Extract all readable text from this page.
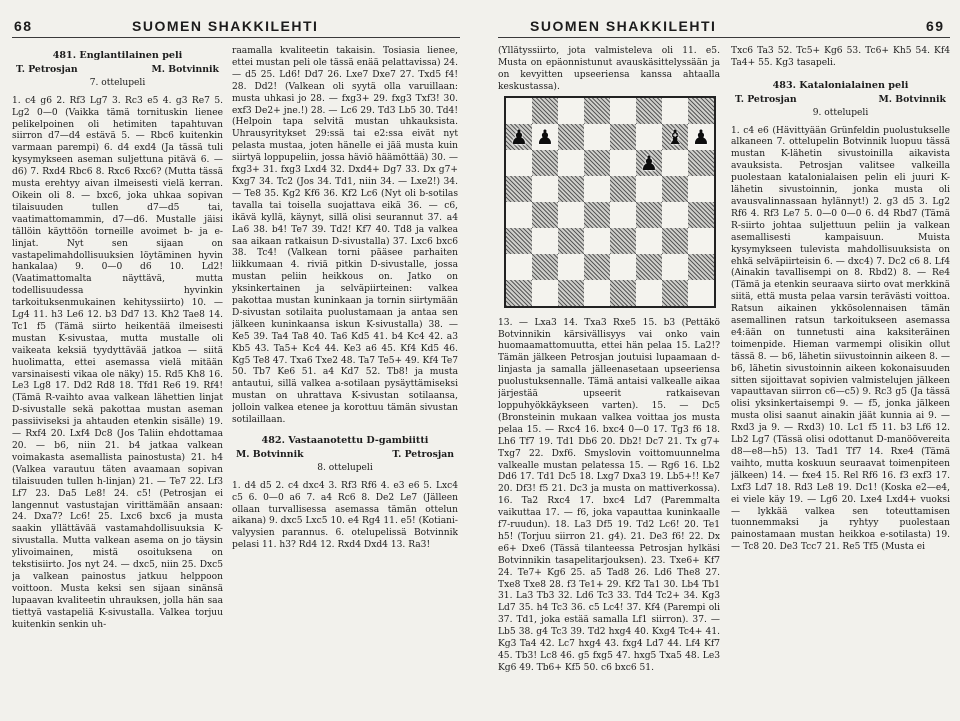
68	SUOMEN SHAKKILEHTI	SUOMEN SHAKKILEHTI	69
481. Englantilainen peli
T. Petrosjan	M. Botvinnik
7. ottelupeli

1. c4 g6 2. Rf3 Lg7 3. Rc3 e5 4. g3 Re7 5. Lg2 0—0 (Vaikka tämä tornituskin lienee pelikelpoinen oli hetimiten tapahtuvan siirron d7—d4 estävä 5. — Rbc6 kuitenkin varmaan parempi) 6. d4 exd4 (Ja tässä tuli kysymykseen aseman suljettuna pitävä 6. — d6) 7. Rxd4 Rbc6 8. Rxc6 Rxc6? (Mutta tässä musta erehtyy aivan ilmeisesti vielä kerran. Oikein oli 8. — bxc6, joka uhkaa sopivan tilaisuuden tullen d7—d5 tai, vaatimattomammin, d7—d6. Mustalle jäisi tällöin käyttöön torneille avoimet b- ja e-linjat. Nyt sen sijaan on vastapelimahdollisuuksien löytäminen hyvin hankalaa) 9. 0—0 d6 10. Ld2! (Vaatimattomalta näyttävä, mutta todellisuudessa hyvinkin tarkoituksenmukainen kehityssiirto) 10. — Lg4 11. h3 Le6 12. b3 Dd7 13. Kh2 Tae8 14. Tc1 f5 (Tämä siirto heikentää ilmeisesti mustan K-sivustaa, mutta mustalle oli vaikeata keksiä tyydyttävää jatkoa — siitä huolimatta, ettei asemassa vielä mitään varsinaisesti vikaa ole näky) 15. Rd5 Kh8 16. Le3 Lg8 17. Dd2 Rd8 18. Tfd1 Re6 19. Rf4! (Tämä R-vaihto avaa valkean lähettien linjat D-sivustalle sekä pakottaa mustan aseman passiiviseksi ja ahtauden etenkin sisälle) 19. — Rxf4 20. Lxf4 Dc8 (Jos Taliin ehdottamaa 20. — b6, niin 21. b4 jatkaa valkean voimakasta asemallista painostusta) 21. h4 (Valkea varautuu täten avaamaan sopivan tilaisuuden tullen h-linjan) 21. — Te7 22. Lf3 Lf7 23. Da5 Le8! 24. c5! (Petrosjan ei langennut vastustajan virittämään ansaan: 24. Dxa7? Lc6! 25. Lxc6 bxc6 ja musta saakin yllättävää vastamahdollisuuksia K-sivustalla. Mutta valkean asema on jo täysin ylivoimainen, mistä osoituksena on tekstisiirto. Jos nyt 24. — dxc5, niin 25. Dxc5 ja valkean painostus jatkuu helppoon voittoon. Musta keksi sen sijaan sinänsä lupaavan kvaliteetin uhrauksen, jolla hän saa tiettyä vastapeliä K-sivustalla. Valkea torjuu kuitenkin senkin uh-

raamalla kvaliteetin takaisin. Tosiasia lienee, ettei mustan peli ole tässä enää pelattavissa) 24. — d5 25. Ld6! Dd7 26. Lxe7 Dxe7 27. Txd5 f4! 28. Dd2! (Valkean oli syytä olla varuillaan: musta uhkasi jo 28. — fxg3+ 29. fxg3 Txf3! 30. exf3 De2+ jne.!) 28. — Lc6 29. Td3 Lb5 30. Td4! (Helpoin tapa selvitä mustan uhkauksista. Uhrausyritykset 29:ssä tai e2:ssa eivät nyt pelasta mustaa, joten hänelle ei jää musta kuin siirtyä loppupeliin, jossa häviö häämöttää) 30. — fxg3+ 31. fxg3 Lxd4 32. Dxd4+ Dg7 33. Dx g7+ Kxg7 34. Tc2 (Jos 34. Td1, niin 34. — Lxe2!) 34. — Te8 35. Kg2 Kf6 36. Kf2 Lc6 (Nyt oli b-sotilas tavalla tai toisella suojattava eikä 36. — c6, ikävä kyllä, käynyt, sillä olisi seurannut 37. a4 La6 38. b4! Te7 39. Td2! Kf7 40. Td8 ja valkea saa aikaan ratkaisun D-sivustalla) 37. Lxc6 bxc6 38. Tc4! (Valkean torni pääsee parhaiten liikkumaan 4. riviä pitkin D-sivustalle, jossa mustan peliin heikkous on. Jatko on yksinkertainen ja selväpiirteinen: valkea pakottaa mustan kuninkaan ja tornin siirtymään D-sivustan sotilaita puolustamaan ja antaa sen jälkeen kuninkaansa iskun K-sivustalla) 38. — Ke5 39. Ta4 Ta8 40. Ta6 Kd5 41. b4 Kc4 42. a3 Kb5 43. Ta5+ Kc4 44. Ke3 a6 45. Kf4 Kd5 46. Kg5 Te8 47. Txa6 Txe2 48. Ta7 Te5+ 49. Kf4 Te7 50. Tb7 Ke6 51. a4 Kd7 52. Tb8! ja musta antautui, sillä valkea a-sotilaan pysäyttämiseksi mustan on uhrattava K-sivustan sotilaansa, jolloin valkea etenee ja korottuu tämän sivustan sotilaillaan.

482. Vastaanotettu D-gambiitti
M. Botvinnik	T. Petrosjan
8. ottelupeli

1. d4 d5 2. c4 dxc4 3. Rf3 Rf6 4. e3 e6 5. Lxc4 c5 6. 0—0 a6 7. a4 Rc6 8. De2 Le7 (Jälleen ollaan turvallisessa asemassa tämän ottelun aikana) 9. dxc5 Lxc5 10. e4 Rg4 11. e5! (Kotianivalyysien parannus. 6. otelupelissä Botvinnik pelasi 11. h3? Rd4 12. Rxd4 Dxd4 13. Ra3!

(Yllätyssiirto, jota valmisteleva oli 11. e5. Musta on epäonnistunut avauskäsittelyssään ja on kevyitten upseeriensa kanssa ahtaalla keskustassa).

♟ ♟	♝ ♟
♟

13. — Lxa3 14. Txa3 Rxe5 15. b3 (Pettäkö Botvinnikin kärsivällisyys vai onko vain huomaamattomuutta, ettei hän pelaa 15. La2!? Tämän jälkeen Petrosjan joutuisi lupaamaan d-linjasta ja samalla jälleenasetaan upseeriensa puolustuksennalle. Tämä antaisi valkealle aikaa järjestää upseerit ratkaisevan loppuhyökkäykseen varten). 15. — Dc5 (Bronsteinin mukaan valkea voittaa jos musta pelaa 15. — Rxc4 16. bxc4 0—0 17. Tg3 f6 18. Lh6 Tf7 19. Td1 Db6 20. Db2! Dc7 21. Tx g7+ Txg7 22. Dxf6. Smyslovin voittomuunnelma valkealle mustan pelatessa 15. — Rg6 16. Lb2 Dd6 17. Td1 Dc5 18. Lxg7 Dxa3 19. Lb5+!! Ke7 20. Df3! f5 21. Dc3 ja musta on mattiverkossa). 16. Ta2 Rxc4 17. bxc4 Ld7 (Paremmalta vaikuttaa 17. — f6, joka vapauttaa kuninkaalle f7-ruudun). 18. La3 Df5 19. Td2 Lc6! 20. Te1 h5! (Torjuu siirron 21. g4). 21. De3 f6! 22. Dx e6+ Dxe6 (Tässä tilanteessa Petrosjan hylkäsi Botvinnikin tasapelitarjouksen). 23. Txe6+ Kf7 24. Te7+ Kg6 25. a5 Tad8 26. Ld6 The8 27. Txe8 Txe8 28. f3 Te1+ 29. Kf2 Ta1 30. Lb4 Tb1 31. La3 Tb3 32. Ld6 Tc3 33. Td4 Tc2+ 34. Kg3 Ld7 35. h4 Tc3 36. c5 Lc4! 37. Kf4 (Parempi oli 37. Td1, joka estää samalla Lf1 siirron). 37. — Lb5 38. g4 Tc3 39. Td2 hxg4 40. Kxg4 Tc4+ 41. Kg3 Ta4 42. Lc7 hxg4 43. fxg4 Ld7 44. Lf4 Kf7 45. Tb3! Lc8 46. g5 fxg5 47. hxg5 Txa5 48. Le3 Kg6 49. Tb6+ Kf5 50. c6 bxc6 51.

Txc6 Ta3 52. Tc5+ Kg6 53. Tc6+ Kh5 54. Kf4 Ta4+ 55. Kg3 tasapeli.

483. Katalonialainen peli
T. Petrosjan	M. Botvinnik
9. ottelupeli

1. c4 e6 (Hävittyään Grünfeldin puolustukselle alkaneen 7. ottelupelin Botvinnik luopuu tässä mustan K-lähetin sivustoinilla aikavista avauksista. Petrosjan valitsee valkeilla puolestaan katalonialaisen pelin eli juuri K-lähetin sivustoinnin, jonka musta oli avausvalinnassaan hylännyt!) 2. g3 d5 3. Lg2 Rf6 4. Rf3 Le7 5. 0—0 0—0 6. d4 Rbd7 (Tämä R-siirto johtaa suljettuun peliin ja valkean asemallisesti kampaisuun. Muista kysymykseen tulevista mahdollisuuksista on ehkä selväpiirteisin 6. — dxc4) 7. Dc2 c6 8. Lf4 (Ainakin tavallisempi on 8. Rbd2) 8. — Re4 (Tämä ja etenkin seuraava siirto ovat merkkinä siitä, että musta pelaa varsin terävästi voittoa. Ratsun aikainen ykkösolennaisen tämän asemallinen ratsun tarkoitukseen asemassa e4:ään on tunnetusti aina kaksiteräinen toimenpide. Hieman varmempi olisikin ollut tässä 8. — b6, lähetin siivustoinnin aikeen 8. — b6, lähetin sivustoinnin aikeen kokonaisuuden sitten sijoittavat sopivien valmistelujen jälkeen vapauttavan siirron c6—c5) 9. Rc3 g5 (Ja tässä olisi yksinkertaisempi 9. — f5, jonka jälkeen musta olisi saanut ainakin jäät kunnia ai 9. — Rxd3 ja 9. — Rxd3) 10. Lc1 f5 11. b3 Lf6 12. Lb2 Lg7 (Tässä olisi odottanut D-manöövereita d8—e8—h5) 13. Tad1 Tf7 14. Rxe4 (Tämä vaihto, mutta koskuun seuraavat toimenpiteen jälkeen) 14. — fxe4 15. Rel Rf6 16. f3 exf3 17. Lxf3 Ld7 18. Rd3 Le8 19. Dc1! (Koska e2—e4, ei viele käy 19. — Lg6 20. Lxe4 Lxd4+ vuoksi — lykkää valkea sen toteuttamisen tuonnemmaksi ja ryhtyy puolestaan painostamaan mustan heikkoa e-sotilasta) 19. — Tc8 20. De3 Tcc7 21. Re5 Tf5 (Musta ei
